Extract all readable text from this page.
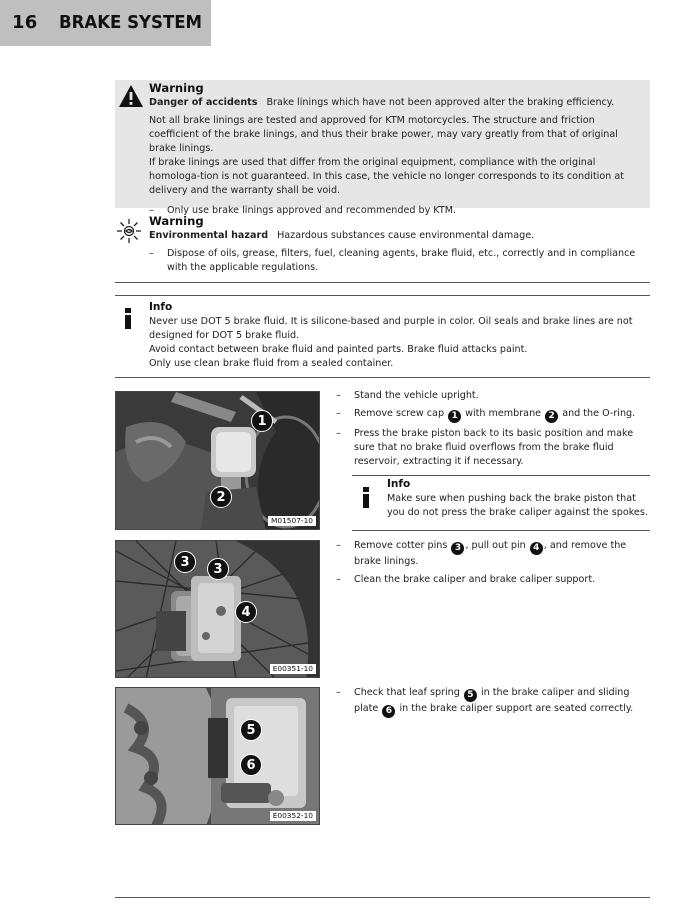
16 BRAKE SYSTEM
Warning

Danger of accidents Brake linings which have not been approved alter the braking efficiency.

Not all brake linings are tested and approved for KTM motorcycles. The structure and friction coefficient of the brake linings, and thus their brake power, may vary greatly from that of original brake linings.

If brake linings are used that differ from the original equipment, compliance with the original homologa-tion is not guaranteed. In this case, the vehicle no longer corresponds to its condition at delivery and the warranty shall be void.

– Only use brake linings approved and recommended by KTM.

Warning

Environmental hazard Hazardous substances cause environmental damage.

– Dispose of oils, grease, filters, fuel, cleaning agents, brake fluid, etc., correctly and in compliance with the applicable regulations.

Info

Never use DOT 5 brake fluid. It is silicone-based and purple in color. Oil seals and brake lines are not designed for DOT 5 brake fluid.

Avoid contact between brake fluid and painted parts. Brake fluid attacks paint.

Only use clean brake fluid from a sealed container.

1
2
M01507-10

– Stand the vehicle upright.

– Remove screw cap 1 with membrane 2 and the O-ring.

– Press the brake piston back to its basic position and make sure that no brake fluid overflows from the brake fluid reservoir, extracting it if necessary.

Info

Make sure when pushing back the brake piston that you do not press the brake caliper against the spokes.

3	3
4
E00351-10

– Remove cotter pins 3 , pull out pin 4 , and remove the brake linings.

– Clean the brake caliper and brake caliper support.

5
6
E00352-10

– Check that leaf spring 5 in the brake caliper and sliding plate 6 in the brake caliper support are seated correctly.
